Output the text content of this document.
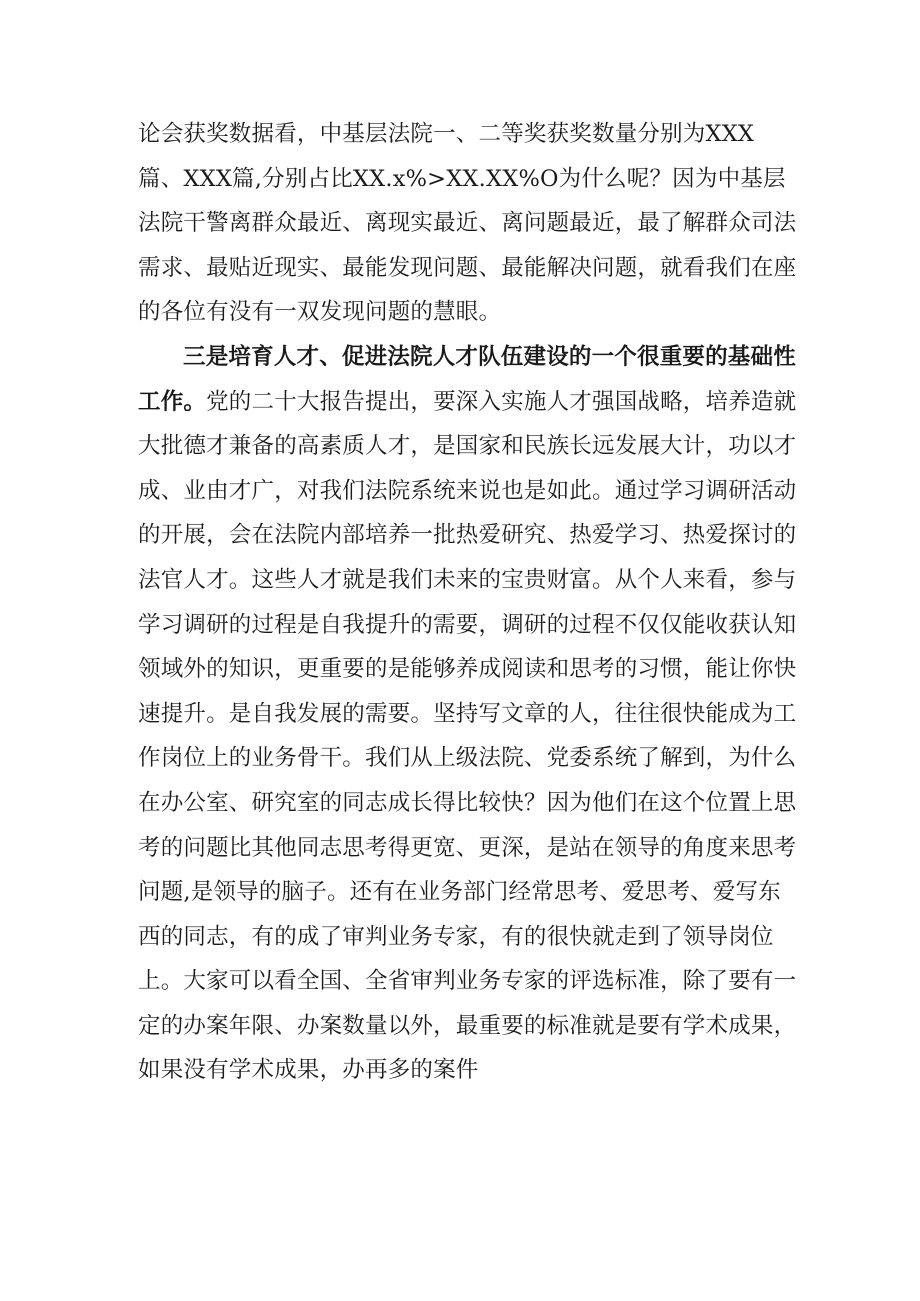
论会获奖数据看，中基层法院一、二等奖获奖数量分别为XXX篇、XXX篇,分别占比XX.x%>XX.XX%O为什么呢？因为中基层法院干警离群众最近、离现实最近、离问题最近，最了解群众司法需求、最贴近现实、最能发现问题、最能解决问题，就看我们在座的各位有没有一双发现问题的慧眼。

三是培育人才、促进法院人才队伍建设的一个很重要的基础性工作。党的二十大报告提出，要深入实施人才强国战略，培养造就大批德才兼备的高素质人才，是国家和民族长远发展大计，功以才成、业由才广，对我们法院系统来说也是如此。通过学习调研活动的开展，会在法院内部培养一批热爱研究、热爱学习、热爱探讨的法官人才。这些人才就是我们未来的宝贵财富。从个人来看，参与学习调研的过程是自我提升的需要，调研的过程不仅仅能收获认知领域外的知识，更重要的是能够养成阅读和思考的习惯，能让你快速提升。是自我发展的需要。坚持写文章的人，往往很快能成为工作岗位上的业务骨干。我们从上级法院、党委系统了解到，为什么在办公室、研究室的同志成长得比较快？因为他们在这个位置上思考的问题比其他同志思考得更宽、更深，是站在领导的角度来思考问题,是领导的脑子。还有在业务部门经常思考、爱思考、爱写东西的同志，有的成了审判业务专家，有的很快就走到了领导岗位上。大家可以看全国、全省审判业务专家的评选标准，除了要有一定的办案年限、办案数量以外，最重要的标准就是要有学术成果，如果没有学术成果，办再多的案件
